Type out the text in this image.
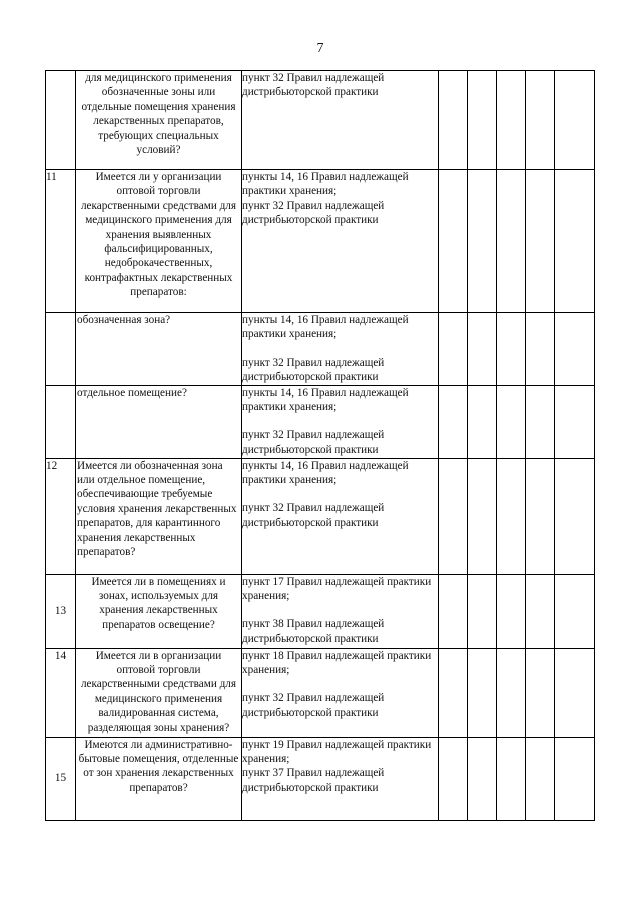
7
	для медицинского применения обозначенные зоны или отдельные помещения хранения лекарственных препаратов, требующих специальных условий?	пункт 32 Правил надлежащей дистрибьюторской практики					

11	Имеется ли у организации оптовой торговли лекарственными средствами для медицинского применения для хранения выявленных фальсифицированных, недоброкачественных, контрафактных лекарственных препаратов:	пункты 14, 16 Правил надлежащей практики хранения;
пункт 32 Правил надлежащей дистрибьюторской практики					

	обозначенная зона?	пункты 14, 16 Правил надлежащей практики хранения;
пункт 32 Правил надлежащей дистрибьюторской практики					

	отдельное помещение?	пункты 14, 16 Правил надлежащей практики хранения;
пункт 32 Правил надлежащей дистрибьюторской практики					

12	Имеется ли обозначенная зона или отдельное помещение, обеспечивающие требуемые условия хранения лекарственных препаратов, для карантинного хранения лекарственных препаратов?	пункты 14, 16 Правил надлежащей практики хранения;
пункт 32 Правил надлежащей дистрибьюторской практики					

13	Имеется ли в помещениях и зонах, используемых для хранения лекарственных препаратов освещение?	пункт 17 Правил надлежащей практики хранения;
пункт 38 Правил надлежащей дистрибьюторской практики					

14	Имеется ли в организации оптовой торговли лекарственными средствами для медицинского применения валидированная система, разделяющая зоны хранения?	пункт 18 Правил надлежащей практики хранения;
пункт 32 Правил надлежащей дистрибьюторской практики					

15	Имеются ли административно-бытовые помещения, отделенные от зон хранения лекарственных препаратов?	пункт 19 Правил надлежащей практики хранения;
пункт 37 Правил надлежащей дистрибьюторской практики					
